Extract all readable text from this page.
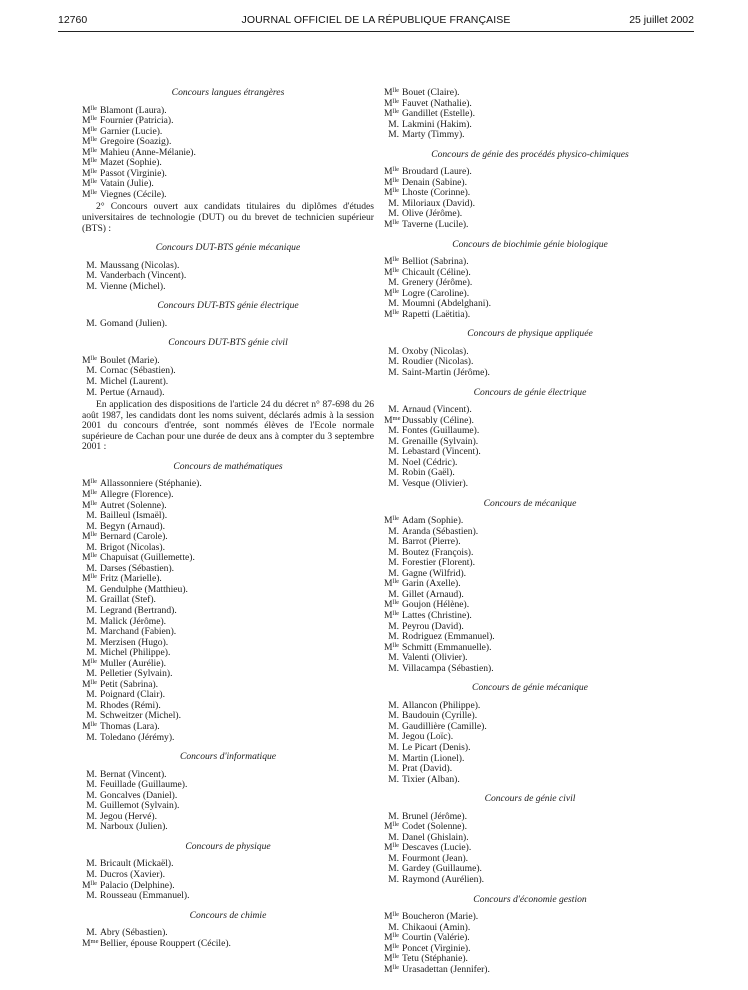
12760	JOURNAL OFFICIEL DE LA RÉPUBLIQUE FRANÇAISE	25 juillet 2002
Concours langues étrangères
$M^{lle}$ Blamont (Laura).
$M^{lle}$ Fournier (Patricia).
$M^{lle}$ Garnier (Lucie).
$M^{lle}$ Gregoire (Soazig).
$M^{lle}$ Mahieu (Anne-Mélanie).
$M^{lle}$ Mazet (Sophie).
$M^{lle}$ Passot (Virginie).
$M^{lle}$ Vatain (Julie).
$M^{lle}$ Viegnes (Cécile).
2° Concours ouvert aux candidats titulaires du diplômes d'études universitaires de technologie (DUT) ou du brevet de technicien supérieur (BTS) :
Concours DUT-BTS génie mécanique
M. Maussang (Nicolas).
M. Vanderbach (Vincent).
M. Vienne (Michel).
Concours DUT-BTS génie électrique
M. Gomand (Julien).
Concours DUT-BTS génie civil
$M^{lle}$ Boulet (Marie).
M. Cornac (Sébastien).
M. Michel (Laurent).
M. Pertue (Arnaud).
En application des dispositions de l'article 24 du décret n° 87-698 du 26 août 1987, les candidats dont les noms suivent, déclarés admis à la session 2001 du concours d'entrée, sont nommés élèves de l'Ecole normale supérieure de Cachan pour une durée de deux ans à compter du 3 septembre 2001 :
Concours de mathématiques
$M^{lle}$ Allassonniere (Stéphanie).
$M^{lle}$ Allegre (Florence).
$M^{lle}$ Autret (Solenne).
M. Bailleul (Ismaël).
M. Begyn (Arnaud).
$M^{lle}$ Bernard (Carole).
M. Brigot (Nicolas).
$M^{lle}$ Chapuisat (Guillemette).
M. Darses (Sébastien).
$M^{lle}$ Fritz (Marielle).
M. Gendulphe (Matthieu).
M. Graillat (Stef).
M. Legrand (Bertrand).
M. Malick (Jérôme).
M. Marchand (Fabien).
M. Merzisen (Hugo).
M. Michel (Philippe).
$M^{lle}$ Muller (Aurélie).
M. Pelletier (Sylvain).
$M^{lle}$ Petit (Sabrina).
M. Poignard (Clair).
M. Rhodes (Rémi).
M. Schweitzer (Michel).
$M^{lle}$ Thomas (Lara).
M. Toledano (Jérémy).
Concours d'informatique
M. Bernat (Vincent).
M. Feuillade (Guillaume).
M. Goncalves (Daniel).
M. Guillemot (Sylvain).
M. Jegou (Hervé).
M. Narboux (Julien).
Concours de physique
M. Bricault (Mickaël).
M. Ducros (Xavier).
$M^{lle}$ Palacio (Delphine).
M. Rousseau (Emmanuel).
Concours de chimie
M. Abry (Sébastien).
$M^{me}$ Bellier, épouse Rouppert (Cécile).
$M^{lle}$ Bouet (Claire).
$M^{lle}$ Fauvet (Nathalie).
$M^{lle}$ Gandillet (Estelle).
M. Lakmini (Hakim).
M. Marty (Timmy).
Concours de génie des procédés physico-chimiques
$M^{lle}$ Broudard (Laure).
$M^{lle}$ Denain (Sabine).
$M^{lle}$ Lhoste (Corinne).
M. Miloriaux (David).
M. Olive (Jérôme).
$M^{lle}$ Taverne (Lucile).
Concours de biochimie génie biologique
$M^{lle}$ Belliot (Sabrina).
$M^{lle}$ Chicault (Céline).
M. Grenery (Jérôme).
$M^{lle}$ Logre (Caroline).
M. Moumni (Abdelghani).
$M^{lle}$ Rapetti (Laëtitia).
Concours de physique appliquée
M. Oxoby (Nicolas).
M. Roudier (Nicolas).
M. Saint-Martin (Jérôme).
Concours de génie électrique
M. Arnaud (Vincent).
$M^{me}$ Dussably (Céline).
M. Fontes (Guillaume).
M. Grenaille (Sylvain).
M. Lebastard (Vincent).
M. Noel (Cédric).
M. Robin (Gaël).
M. Vesque (Olivier).
Concours de mécanique
$M^{lle}$ Adam (Sophie).
M. Aranda (Sébastien).
M. Barrot (Pierre).
M. Boutez (François).
M. Forestier (Florent).
M. Gagne (Wilfrid).
$M^{lle}$ Garin (Axelle).
M. Gillet (Arnaud).
$M^{lle}$ Goujon (Hélène).
$M^{lle}$ Lattes (Christine).
M. Peyrou (David).
M. Rodriguez (Emmanuel).
$M^{lle}$ Schmitt (Emmanuelle).
M. Valenti (Olivier).
M. Villacampa (Sébastien).
Concours de génie mécanique
M. Allancon (Philippe).
M. Baudouin (Cyrille).
M. Gaudillière (Camille).
M. Jegou (Loïc).
M. Le Picart (Denis).
M. Martin (Lionel).
M. Prat (David).
M. Tixier (Alban).
Concours de génie civil
M. Brunel (Jérôme).
$M^{lle}$ Codet (Solenne).
M. Danel (Ghislain).
$M^{lle}$ Descaves (Lucie).
M. Fourmont (Jean).
M. Gardey (Guillaume).
M. Raymond (Aurélien).
Concours d'économie gestion
$M^{lle}$ Boucheron (Marie).
M. Chikaoui (Amin).
$M^{lle}$ Courtin (Valérie).
$M^{lle}$ Poncet (Virginie).
$M^{lle}$ Tetu (Stéphanie).
$M^{lle}$ Urasadettan (Jennifer).
